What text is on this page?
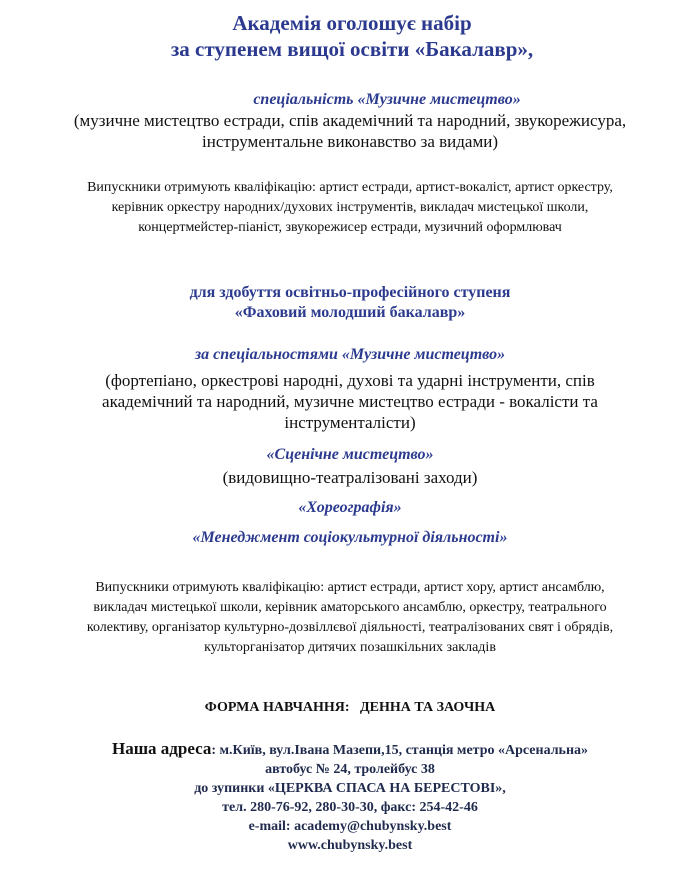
Академія оголошує набір
за ступенем вищої освіти «Бакалавр»,
спеціальність «Музичне мистецтво»
(музичне мистецтво естради, спів академічний та народний, звукорежисура,
інструментальне виконавство за видами)
Випускники отримують кваліфікацію: артист естради, артист-вокаліст, артист оркестру,
керівник оркестру народних/духових інструментів, викладач мистецької школи,
концертмейстер-піаніст, звукорежисер естради, музичний оформлювач
для здобуття освітньо-професійного ступеня
«Фаховий молодший бакалавр»
за спеціальностями «Музичне мистецтво»
(фортепіано, оркестрові народні, духові та ударні інструменти, спів
академічний та народний, музичне мистецтво естради - вокалісти та
інструменталісти)
«Сценічне мистецтво»
(видовищно-театралізовані заходи)
«Хореографія»
«Менеджмент соціокультурної діяльності»
Випускники отримують кваліфікацію: артист естради, артист хору, артист ансамблю,
викладач мистецької школи, керівник аматорського ансамблю, оркестру, театрального
колективу, організатор культурно-дозвіллєвої діяльності, театралізованих свят і обрядів,
культорганізатор дитячих позашкільних закладів
ФОРМА НАВЧАННЯ:   ДЕННА ТА ЗАОЧНА
Наша адреса: м.Київ, вул.Івана Мазепи,15, станція метро «Арсенальна»
автобус № 24, тролейбус 38
до зупинки «ЦЕРКВА СПАСА НА БЕРЕСТОВІ»,
тел. 280-76-92, 280-30-30, факс: 254-42-46
e-mail: academy@chubynsky.best
www.chubynsky.best
